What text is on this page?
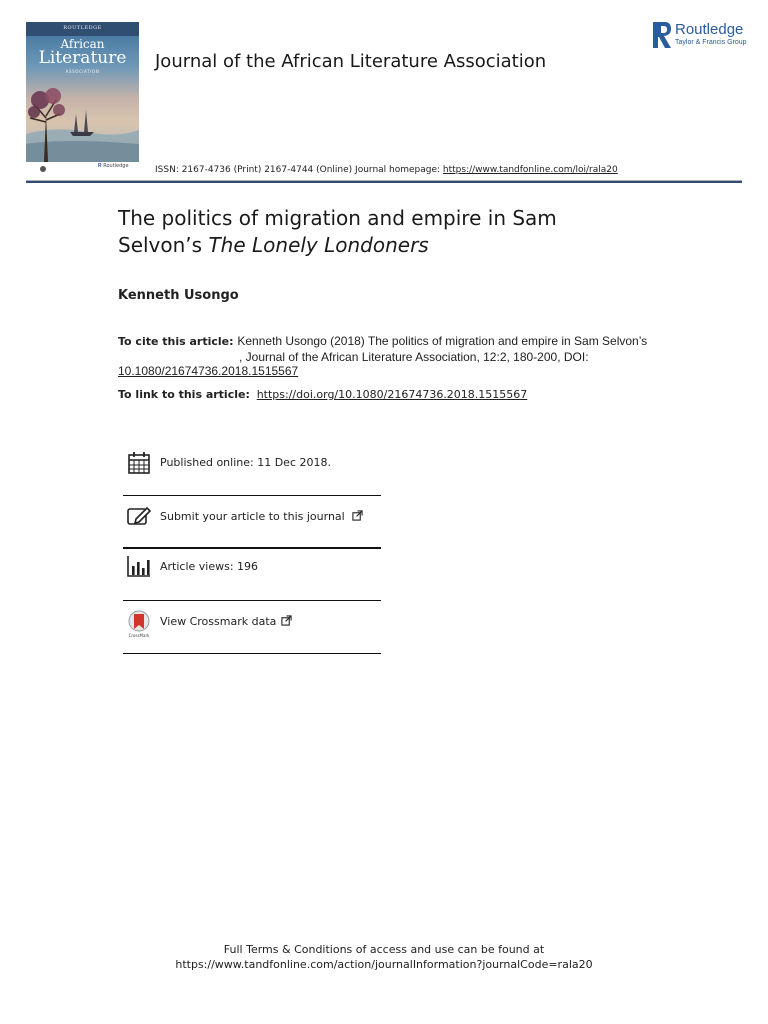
ROUTLEDGE
African
Literature
ASSOCIATION
R Routledge
Journal of the African Literature Association
Routledge
Taylor & Francis Group
ISSN: 2167-4736 (Print) 2167-4744 (Online) Journal homepage: https://www.tandfonline.com/loi/rala20
The politics of migration and empire in Sam
Selvon’s The Lonely Londoners
Kenneth Usongo
To cite this article: Kenneth Usongo (2018) The politics of migration and empire in Sam Selvon’s
, Journal of the African Literature Association, 12:2, 180-200, DOI:
10.1080/21674736.2018.1515567
To link to this article: https://doi.org/10.1080/21674736.2018.1515567
Published online: 11 Dec 2018.
Submit your article to this journal
Article views: 196
CrossMark
View Crossmark data
Full Terms & Conditions of access and use can be found at
https://www.tandfonline.com/action/journalInformation?journalCode=rala20
